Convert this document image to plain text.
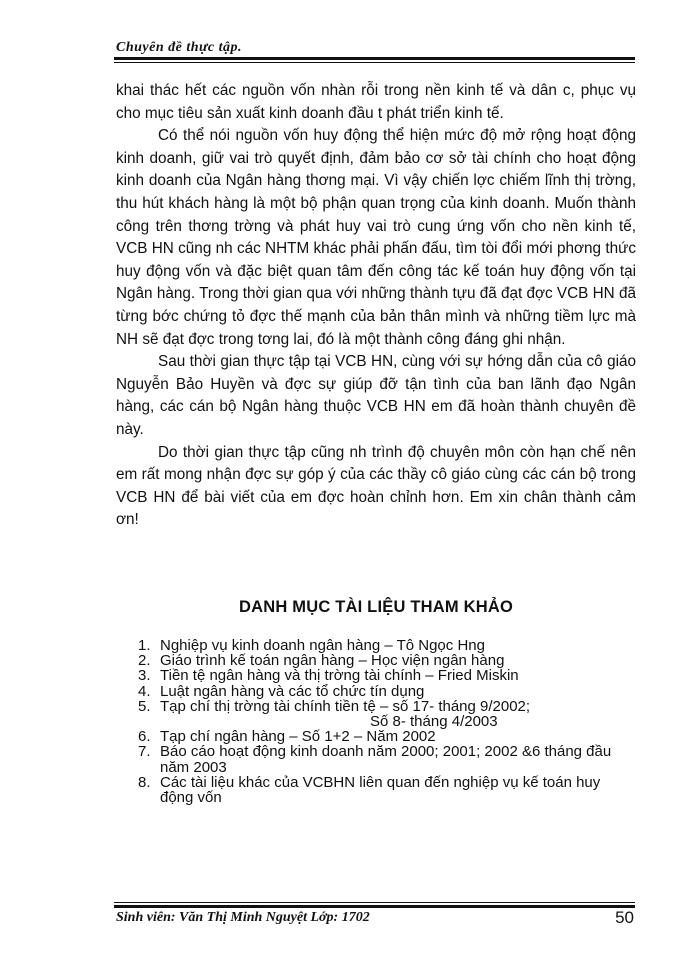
Chuyên đề thực tập.

khai thác hết các nguồn vốn nhàn rỗi trong nền kinh tế và dân c, phục vụ cho mục tiêu sản xuất kinh doanh đầu t phát triển kinh tế.

Có thể nói nguồn vốn huy động thể hiện mức độ mở rộng hoạt động kinh doanh, giữ vai trò quyết định, đảm bảo cơ sở tài chính cho hoạt động kinh doanh của Ngân hàng thơng mại. Vì vậy chiến lợc chiếm lĩnh thị trờng, thu hút khách hàng là một bộ phận quan trọng của kinh doanh. Muốn thành công trên thơng trờng và phát huy vai trò cung ứng vốn cho nền kinh tế, VCB HN cũng nh các NHTM khác phải phấn đấu, tìm tòi đổi mới phơng thức huy động vốn và đặc biệt quan tâm đến công tác kế toán huy động vốn tại Ngân hàng. Trong thời gian qua với những thành tựu đã đạt đợc VCB HN đã từng bớc chứng tỏ đợc thế mạnh của bản thân mình và những tiềm lực mà NH sẽ đạt đợc trong tơng lai, đó là một thành công đáng ghi nhận.

Sau thời gian thực tập tại VCB HN, cùng với sự hớng dẫn của cô giáo Nguyễn Bảo Huyền và đợc sự giúp đỡ tận tình của ban lãnh đạo Ngân hàng, các cán bộ Ngân hàng thuộc VCB HN em đã hoàn thành chuyên đề này.

Do thời gian thực tập cũng nh trình độ chuyên môn còn hạn chế nên em rất mong nhận đợc sự góp ý của các thầy cô giáo cùng các cán bộ trong VCB HN để bài viết của em đợc hoàn chỉnh hơn. Em xin chân thành cảm ơn!

DANH MỤC TÀI LIỆU THAM KHẢO
1. Nghiệp vụ kinh doanh ngân hàng – Tô Ngọc Hng
2. Giáo trình kế toán ngân hàng – Học viện ngân hàng
3. Tiền tệ ngân hàng và thị trờng tài chính – Fried Miskin
4. Luật ngân hàng và các tổ chức tín dụng
5. Tạp chí thị trờng tài chính tiền tệ – số 17- tháng 9/2002;
Số 8- tháng 4/2003
6. Tạp chí ngân hàng – Số 1+2 – Năm 2002
7. Báo cáo hoạt động kinh doanh năm 2000; 2001; 2002 &6 tháng đầu năm 2003
8. Các tài liệu khác của VCBHN liên quan đến nghiệp vụ kế toán huy động vốn
Sinh viên: Văn Thị Minh Nguyệt Lớp: 1702	50
